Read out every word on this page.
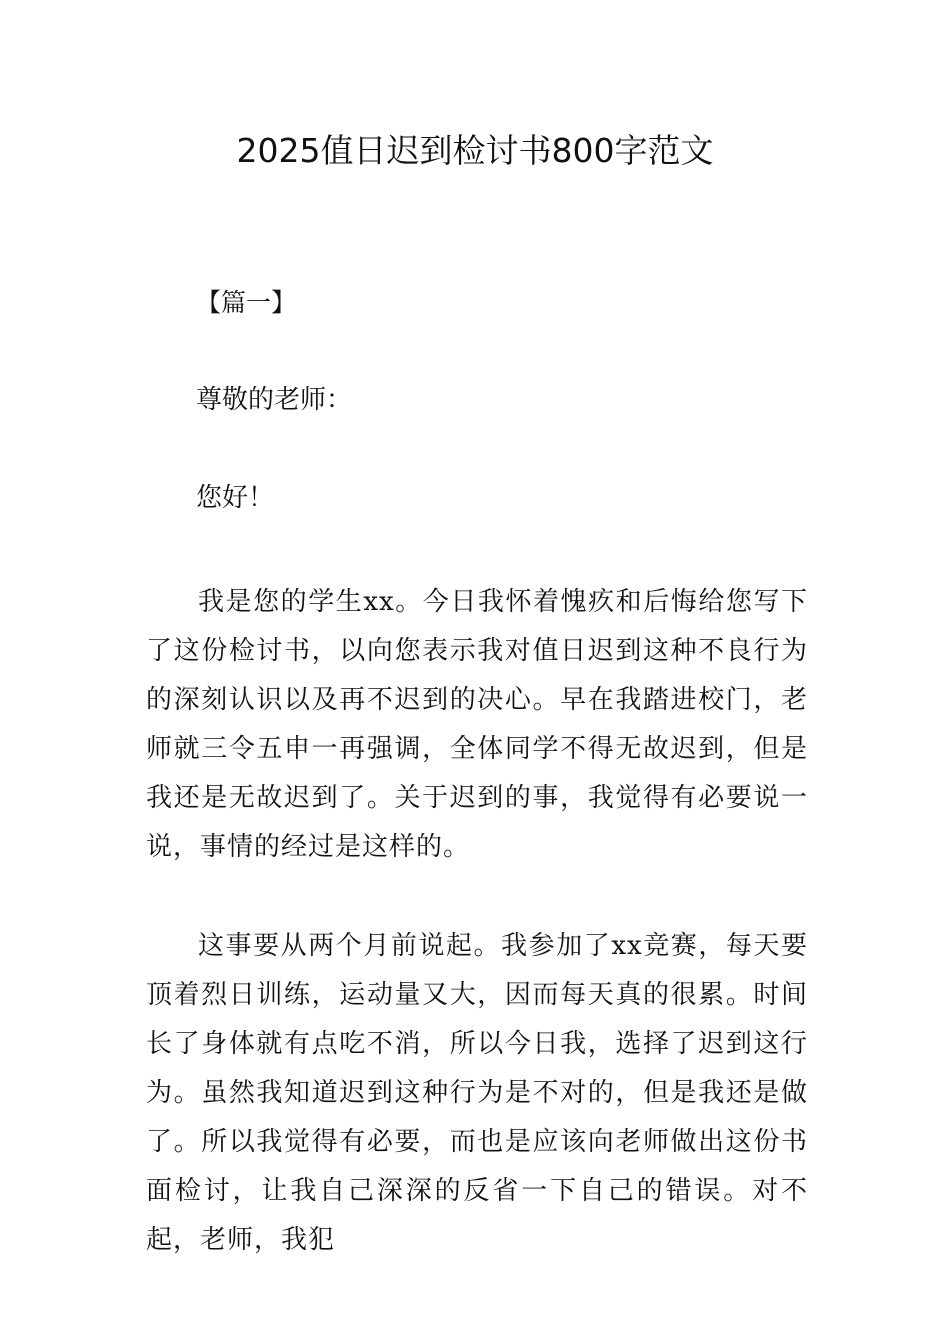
2025值日迟到检讨书800字范文
【篇一】
尊敬的老师：
您好！
我是您的学生xx。今日我怀着愧疚和后悔给您写下了这份检讨书，以向您表示我对值日迟到这种不良行为的深刻认识以及再不迟到的决心。早在我踏进校门，老师就三令五申一再强调，全体同学不得无故迟到，但是我还是无故迟到了。关于迟到的事，我觉得有必要说一说，事情的经过是这样的。
这事要从两个月前说起。我参加了xx竞赛，每天要顶着烈日训练，运动量又大，因而每天真的很累。时间长了身体就有点吃不消，所以今日我，选择了迟到这行为。虽然我知道迟到这种行为是不对的，但是我还是做了。所以我觉得有必要，而也是应该向老师做出这份书面检讨，让我自己深深的反省一下自己的错误。对不起，老师，我犯
